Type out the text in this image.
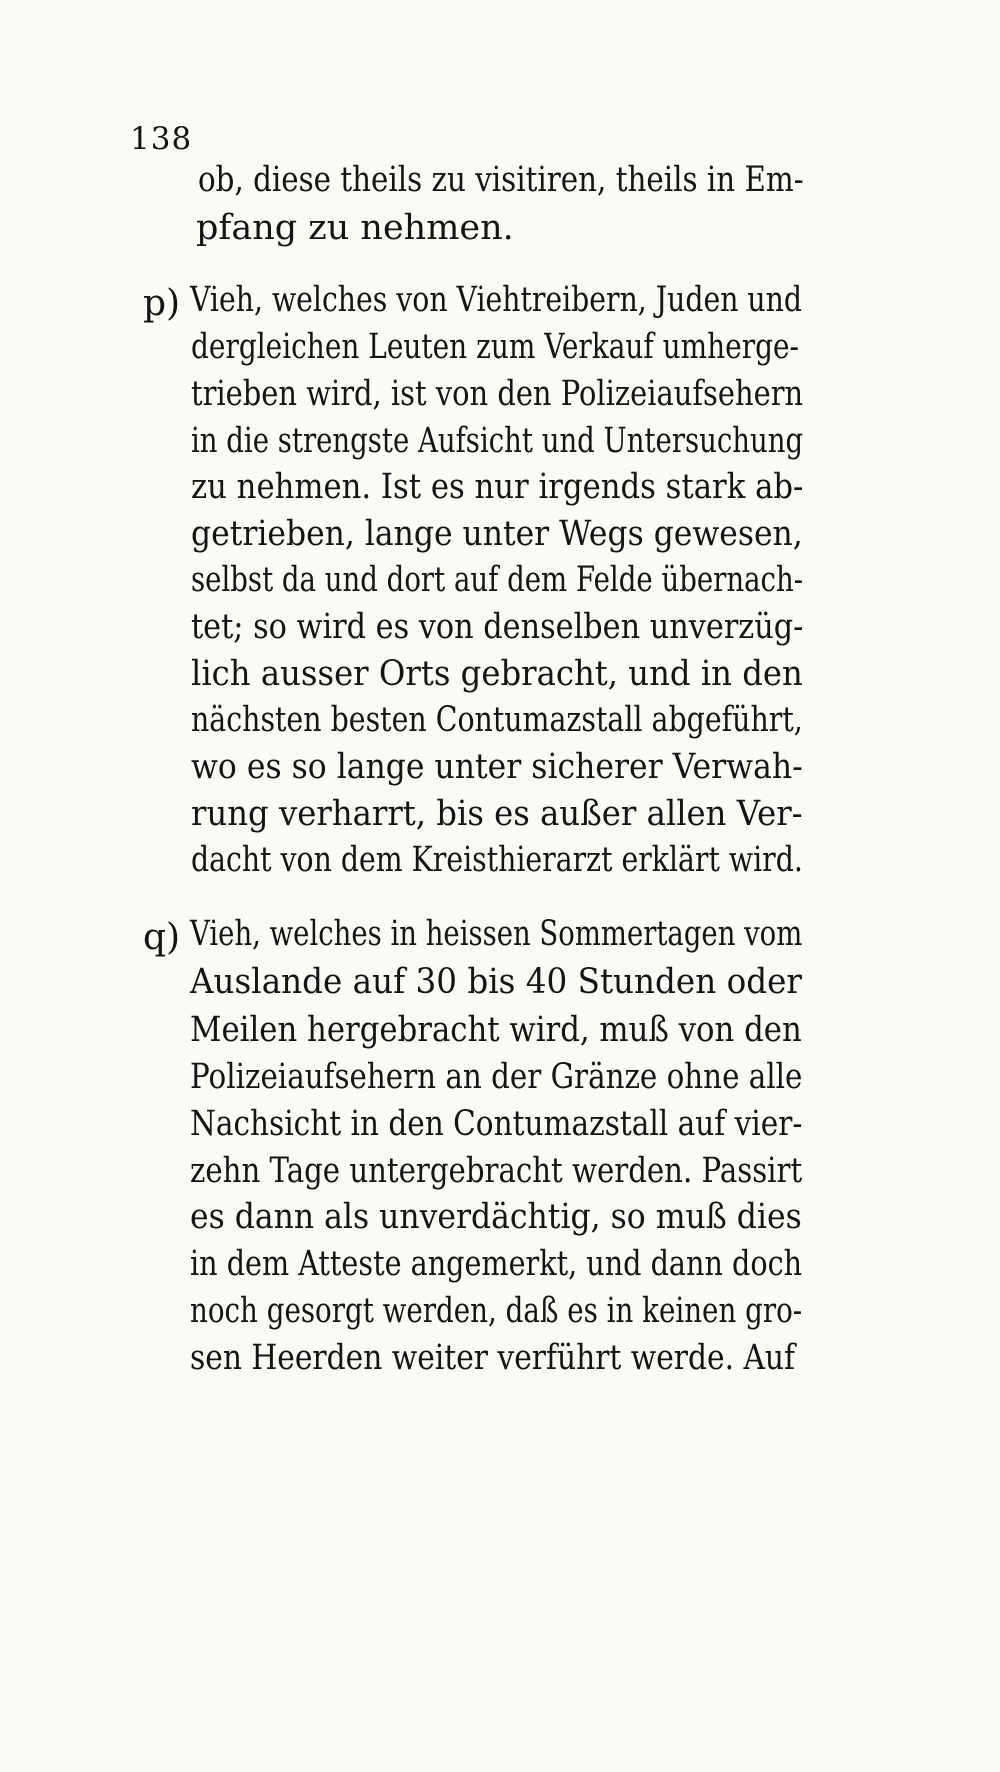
138
ob, diese theils zu visitiren, theils in Em-
pfang zu nehmen.
p) Vieh, welches von Viehtreibern, Juden und
dergleichen Leuten zum Verkauf umherge-
trieben wird, ist von den Polizeiaufsehern
in die strengste Aufsicht und Untersuchung
zu nehmen. Ist es nur irgends stark ab-
getrieben, lange unter Wegs gewesen,
selbst da und dort auf dem Felde übernach-
tet; so wird es von denselben unverzüg-
lich ausser Orts gebracht, und in den
nächsten besten Contumazstall abgeführt,
wo es so lange unter sicherer Verwah-
rung verharrt, bis es außer allen Ver-
dacht von dem Kreisthierarzt erklärt wird.
q) Vieh, welches in heissen Sommertagen vom
Auslande auf 30 bis 40 Stunden oder
Meilen hergebracht wird, muß von den
Polizeiaufsehern an der Gränze ohne alle
Nachsicht in den Contumazstall auf vier-
zehn Tage untergebracht werden. Passirt
es dann als unverdächtig, so muß dies
in dem Atteste angemerkt, und dann doch
noch gesorgt werden, daß es in keinen gro-
sen Heerden weiter verführt werde. Auf
